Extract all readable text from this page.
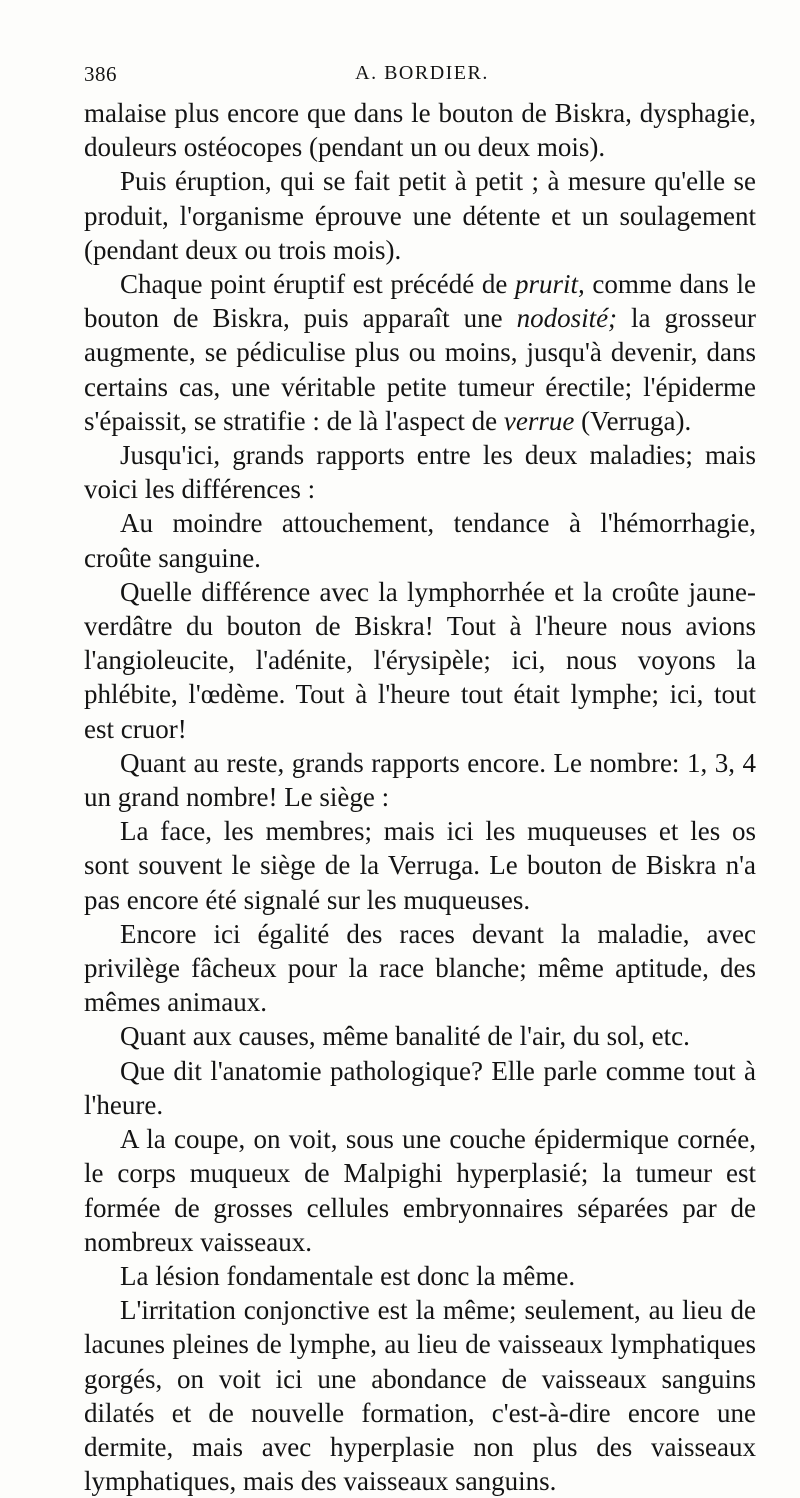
386	A. BORDIER.

malaise plus encore que dans le bouton de Biskra, dysphagie, douleurs ostéocopes (pendant un ou deux mois).

Puis éruption, qui se fait petit à petit ; à mesure qu'elle se produit, l'organisme éprouve une détente et un soulagement (pendant deux ou trois mois).

Chaque point éruptif est précédé de prurit, comme dans le bouton de Biskra, puis apparaît une nodosité; la grosseur augmente, se pédiculise plus ou moins, jusqu'à devenir, dans certains cas, une véritable petite tumeur érectile; l'épiderme s'épaissit, se stratifie : de là l'aspect de verrue (Verruga).

Jusqu'ici, grands rapports entre les deux maladies; mais voici les différences :

Au moindre attouchement, tendance à l'hémorrhagie, croûte sanguine.

Quelle différence avec la lymphorrhée et la croûte jaune-verdâtre du bouton de Biskra! Tout à l'heure nous avions l'angioleucite, l'adénite, l'érysipèle; ici, nous voyons la phlébite, l'œdème. Tout à l'heure tout était lymphe; ici, tout est cruor!

Quant au reste, grands rapports encore. Le nombre: 1, 3, 4 un grand nombre! Le siège :

La face, les membres; mais ici les muqueuses et les os sont souvent le siège de la Verruga. Le bouton de Biskra n'a pas encore été signalé sur les muqueuses.

Encore ici égalité des races devant la maladie, avec privilège fâcheux pour la race blanche; même aptitude, des mêmes animaux.

Quant aux causes, même banalité de l'air, du sol, etc.

Que dit l'anatomie pathologique? Elle parle comme tout à l'heure.

A la coupe, on voit, sous une couche épidermique cornée, le corps muqueux de Malpighi hyperplasié; la tumeur est formée de grosses cellules embryonnaires séparées par de nombreux vaisseaux.

La lésion fondamentale est donc la même.

L'irritation conjonctive est la même; seulement, au lieu de lacunes pleines de lymphe, au lieu de vaisseaux lymphatiques gorgés, on voit ici une abondance de vaisseaux sanguins dilatés et de nouvelle formation, c'est-à-dire encore une dermite, mais avec hyperplasie non plus des vaisseaux lymphatiques, mais des vaisseaux sanguins.
